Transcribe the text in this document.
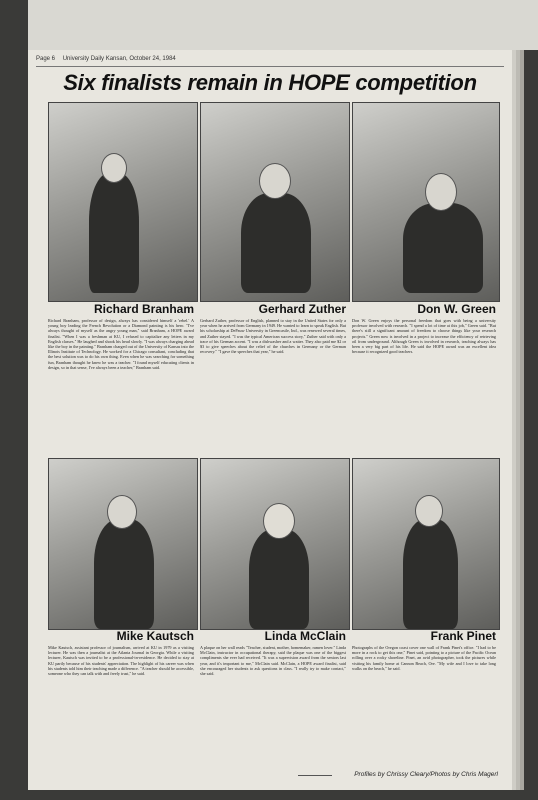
Page 6 University Daily Kansan, October 24, 1984
Six finalists remain in HOPE competition
Richard Branham	Gerhard Zuther	Don W. Green
Richard Branham, professor of design, always has considered himself a 'rebel.' A young boy leading the French Revolution or a Diamond painting is his hero. "I've always thought of myself as the angry young man," said Branham, a HOPE award finalist. "When I was a freshman at KU, I refused to capitalize any letters in my English classes." He laughed and shook his head slowly. "I was always charging ahead like the boy in the painting." Branham charged out of the University of Kansas into the Illinois Institute of Technology. He worked for a Chicago consultant, concluding that the best solution was to do his own thing. Even when he was searching for something fun, Branham thought he knew he was a teacher. "I found myself educating clients in design, so in that sense, I've always been a teacher," Branham said.
Gerhard Zuther, professor of English, planned to stay in the United States for only a year when he arrived from Germany in 1949. He wanted to learn to speak English. But his scholarship at DePauw University in Greencastle, Ind., was renewed several times, and Zuther stayed. "I was the typical American success story," Zuther said with only a trace of his German accent. "I was a dishwasher and a waiter. They also paid me $2 or $3 to give speeches about the relief of the churches in Germany or the German recovery." "I gave the speeches that year," he said.
Don W. Green enjoys the personal freedom that goes with being a university professor involved with research. "I spend a lot of time at this job," Green said. "But there's still a significant amount of freedom to choose things like your research projects." Green now is involved in a project to increase the efficiency of retrieving oil from underground. Although Green is involved in research, teaching always has been a very big part of his life. He said the HOPE award was an excellent idea because it recognized good teachers.
Mike Kautsch	Linda McClain	Frank Pinet
Mike Kautsch, assistant professor of journalism, arrived at KU in 1979 as a visiting lecturer. He was then a journalist at the Atlanta Journal in Georgia. While a visiting lecturer, Kautsch was invited to be a professional-in-residence. He decided to stay at KU partly because of his students' appreciation. The highlight of his career was when his students told him their teaching made a difference. "A teacher should be accessible, someone who they can talk with and freely trust," he said.
A plaque on her wall reads "Teacher, student, mother, homemaker, ramen lover." Linda McClain, instructor in occupational therapy, said the plaque was one of the biggest compliments she ever had received. "It was a supervision award from the seniors last year, and it's important to me," McClain said. McClain, a HOPE award finalist, said she encouraged her students to ask questions in class. "I really try to make contact," she said.
Photographs of the Oregon coast cover one wall of Frank Pinet's office. "I had to be more in a rock to get this one," Pinet said, pointing to a picture of the Pacific Ocean rolling over a rocky shoreline. Pinet, an avid photographer, took the pictures while visiting his family home at Cannon Beach, Ore. "My wife and I love to take long walks on the beach," he said.
Profiles by Chrissy Cleary/Photos by Chris Magerl
